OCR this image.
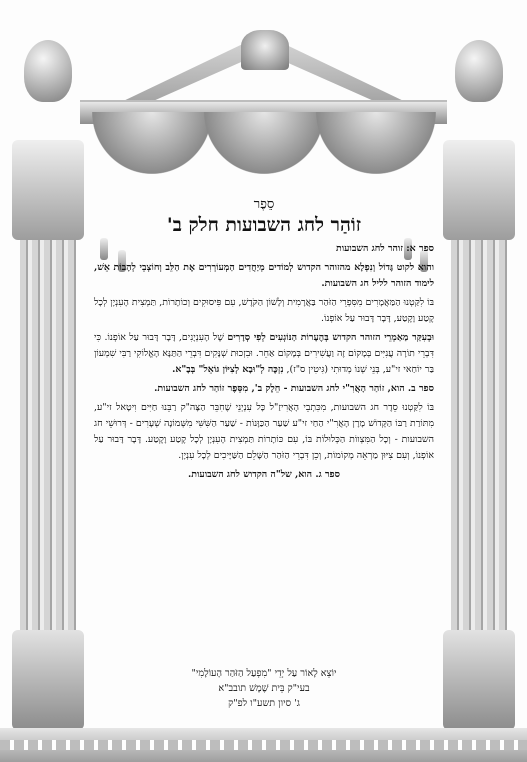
סֵפֶר
זוֹהַר לחג השבועות חלק ב'

ספר א: זוהר לחג השבועות

והוא לקוט גָּדוֹל וְנִפְלָא מהזוהר הקדוש לְמוֹדים מְיַחֲדִים הַמְעוֹרְרִים אֶת הַלֵּב וְחוֹצְבֵי לְהָבוֹת אֵשׁ, לימוד הזוהר לליל חג השבועות.

בּוֹ לִקַּטְנוּ הַמַּאֲמָרִים מִסִּפְרֵי הַזֹּהַר בַּאֲרָמִית וְלָשׁוֹן הַקֹּדֶשׁ, עִם פִּיסוּקִים וְכוֹתָרוֹת, תַּמְצִית הָעִנְיָן לְכָל קֶטַע וָקֶטַע, דָּבָר דָּבוּר עַל אוֹפְנוֹ.

וּבְעִקַּר מַאַמְרֵי הזוהר הקדוש בְּהֶעָרוֹת הַנּוֹגְעִים לְפִי סְדָרִים שֶׁל הָעִנְיָנִים, דָּבָר דָּבוּר עַל אוֹפְנוֹ. כִּי דִּבְרֵי תוֹרָה עֲנִיִּים בְּמָקוֹם זֶה וַעֲשִׁירִים בְּמָקוֹם אַחֵר. וּבִזְכוּת שְׁנָּקִים דִּבְרֵי הַתַּנָּא הָאֱלוֹקִי רַבִּי שִׁמְעוֹן בַּר יוֹחַאי זי"ע, בְּנֵי שְׁנוֹ מְדוּתִי (גִּיטִין ס"ז), נִזְכֶּה לְ"וּבָא לְצִיּוֹן גּוֹאֵל" בְּבָ"א.

ספר ב. הוא, זוֹהַר הָאֲרִ"י לחג השבועות - חֵלֶק ב', מִסֵּפֶר זוֹהַר לחג השבועות.

בּוֹ לִקַּטְנוּ סֵדֶר חג השבועות, מִכִּתְבֵי הָאֲרִיזַ"ל כָּל עִנְיְנֵי שֶׁחִבֵּר הַצָּה"ק רַבֵּנוּ חַיִּים וִיטָאל זי"ע, מִתּוֹרַת רַבּוֹ הַקָּדוֹשׁ מָרָן הָאֲרִ"י הַחַי זי"ע שַׁעַר הַכַּוָּנוֹת - שַׁעַר הַשִּׁשִּׁי מִשְּׁמוֹנָה שְׁעָרִים - דְּרוּשֵׁי חג השבועות - וְכָל הַמִּצְווֹת הַכְּלוּלוֹת בּוֹ, עִם כּוֹתָרוֹת תַּמְצִית הָעִנְיָן לְכָל קֶטַע וָקֶטַע. דָּבָר דָּבוּר עַל אוֹפְנוֹ, וְעִם צִיּוּן מַרְאֵה מְקוֹמוֹת, וְכֵן דִּבְרֵי הַזֹּהַר הַשָּׁלֵם הַשַּׁיָּיכִים לְכָל עִנְיָן.

ספר ג. הוא, של"ה הקדוש לחג השבועות.

יוֹצֵא לָאוֹר עַל יְדֵי "מִפְעַל הַזֹּהַר הָעוֹלָמִי"
בעי"ק בֵּית שֶׁמֶשׁ תובב"א
ג' סיון תשע"ו לפ"ק
